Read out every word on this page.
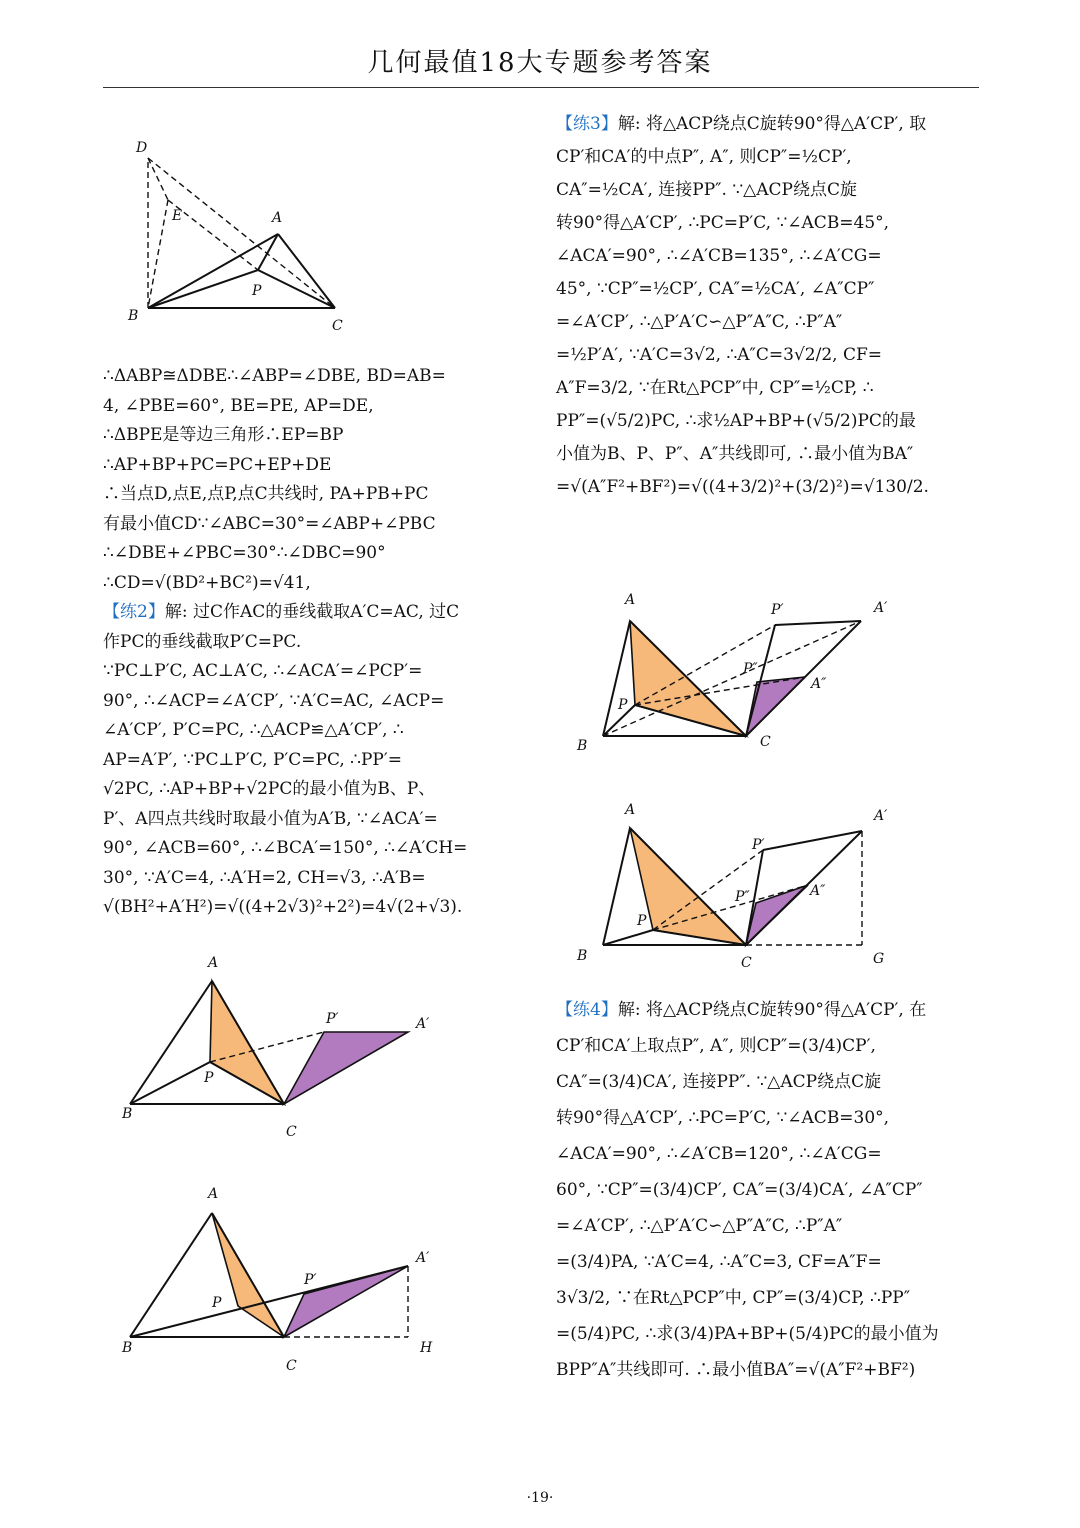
几何最值18大专题参考答案
D
E	A
P
B
C
∴ΔABP≅ΔDBE∴∠ABP=∠DBE, BD=AB=
4, ∠PBE=60°, BE=PE, AP=DE,
∴ΔBPE是等边三角形∴EP=BP
∴AP+BP+PC=PC+EP+DE
∴当点D,点E,点P,点C共线时, PA+PB+PC
有最小值CD∵∠ABC=30°=∠ABP+∠PBC
∴∠DBE+∠PBC=30°∴∠DBC=90°
∴CD=√(BD²+BC²)=√41,
【练2】解: 过C作AC的垂线截取A′C=AC, 过C
作PC的垂线截取P′C=PC.
∵PC⊥P′C, AC⊥A′C, ∴∠ACA′=∠PCP′=
90°, ∴∠ACP=∠A′CP′, ∵A′C=AC, ∠ACP=
∠A′CP′, P′C=PC, ∴△ACP≌△A′CP′, ∴
AP=A′P′, ∵PC⊥P′C, P′C=PC, ∴PP′=
√2PC, ∴AP+BP+√2PC的最小值为B、P、
P′、A四点共线时取最小值为A′B, ∵∠ACA′=
90°, ∠ACB=60°, ∴∠BCA′=150°, ∴∠A′CH=
30°, ∵A′C=4, ∴A′H=2, CH=√3, ∴A′B=
√(BH²+A′H²)=√((4+2√3)²+2²)=4√(2+√3).
A
P′	A′
P
B
C
A
P
A′
P′
B
C
H
【练3】解: 将△ACP绕点C旋转90°得△A′CP′, 取
CP′和CA′的中点P″, A″, 则CP″=½CP′,
CA″=½CA′, 连接PP″. ∵△ACP绕点C旋
转90°得△A′CP′, ∴PC=P′C, ∵∠ACB=45°,
∠ACA′=90°, ∴∠A′CB=135°, ∴∠A′CG=
45°, ∵CP″=½CP′, CA″=½CA′, ∠A″CP″
=∠A′CP′, ∴△P′A′C∽△P″A″C, ∴P″A″
=½P′A′, ∵A′C=3√2, ∴A″C=3√2/2, CF=
A″F=3/2, ∵在Rt△PCP″中, CP″=½CP, ∴
PP″=(√5/2)PC, ∴求½AP+BP+(√5/2)PC的最
小值为B、P、P″、A″共线即可, ∴最小值为BA″
=√(A″F²+BF²)=√((4+3/2)²+(3/2)²)=√130/2.
A
P′	A′
P″
A″
P
B	C
A	A′
P′
P″	A″
P
B	C	G
【练4】解: 将△ACP绕点C旋转90°得△A′CP′, 在
CP′和CA′上取点P″, A″, 则CP″=(3/4)CP′,
CA″=(3/4)CA′, 连接PP″. ∵△ACP绕点C旋
转90°得△A′CP′, ∴PC=P′C, ∵∠ACB=30°,
∠ACA′=90°, ∴∠A′CB=120°, ∴∠A′CG=
60°, ∵CP″=(3/4)CP′, CA″=(3/4)CA′, ∠A″CP″
=∠A′CP′, ∴△P′A′C∽△P″A″C, ∴P″A″
=(3/4)PA, ∵A′C=4, ∴A″C=3, CF=A″F=
3√3/2, ∵在Rt△PCP″中, CP″=(3/4)CP, ∴PP″
=(5/4)PC, ∴求(3/4)PA+BP+(5/4)PC的最小值为
BPP″A″共线即可. ∴最小值BA″=√(A″F²+BF²)
·19·
